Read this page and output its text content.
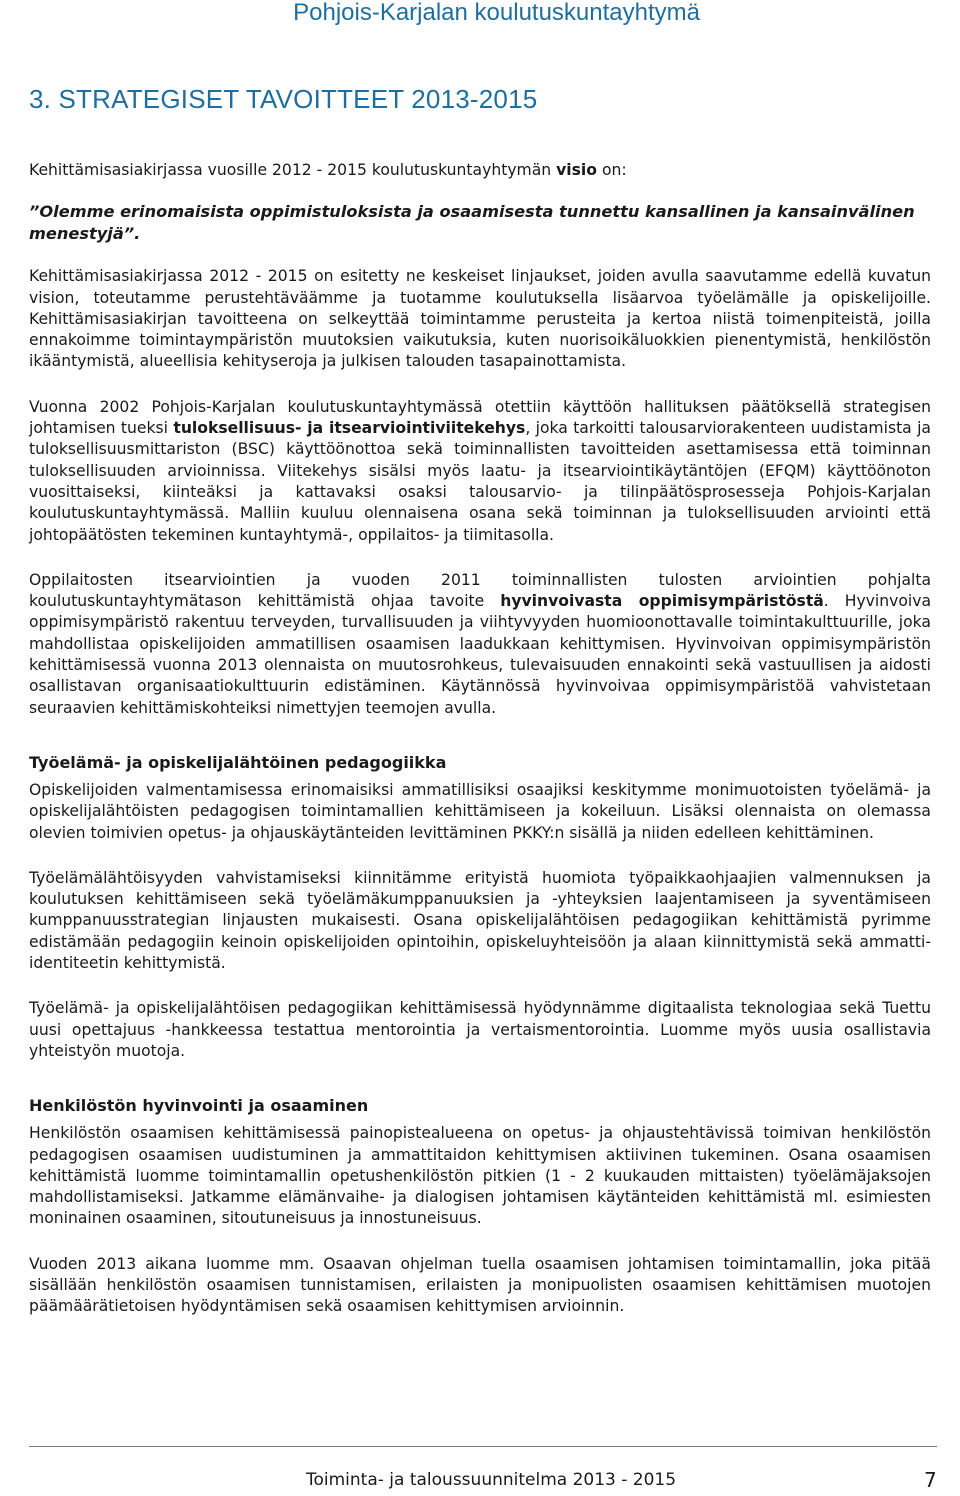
Pohjois-Karjalan koulutuskuntayhtymä

3. STRATEGISET TAVOITTEET 2013-2015

Kehittämisasiakirjassa vuosille 2012 - 2015 koulutuskuntayhtymän visio on:

”Olemme erinomaisista oppimistuloksista ja osaamisesta tunnettu kansallinen ja kansainvälinen menestyjä”.

Kehittämisasiakirjassa 2012 - 2015 on esitetty ne keskeiset linjaukset, joiden avulla saavutamme edellä kuvatun vision, toteutamme perustehtäväämme ja tuotamme koulutuksella lisäarvoa työelämälle ja opiskelijoille. Kehittämisasiakirjan tavoitteena on selkeyttää toimintamme perusteita ja kertoa niistä toimenpiteistä, joilla ennakoimme toimintaympäristön muutoksien vaikutuksia, kuten nuorisoikäluokkien pienentymistä, henkilöstön ikääntymistä, alueellisia kehityseroja ja julkisen talouden tasapainottamista.

Vuonna 2002 Pohjois-Karjalan koulutuskuntayhtymässä otettiin käyttöön hallituksen päätöksellä strategisen johtamisen tueksi tuloksellisuus- ja itsearviointiviitekehys, joka tarkoitti talousarviorakenteen uudistamista ja tuloksellisuusmittariston (BSC) käyttöönottoa sekä toiminnallisten tavoitteiden asettamisessa että toiminnan tuloksellisuuden arvioinnissa. Viitekehys sisälsi myös laatu- ja itsearviointikäytäntöjen (EFQM) käyttöönoton vuosittaiseksi, kiinteäksi ja kattavaksi osaksi talousarvio- ja tilinpäätösprosesseja Pohjois-Karjalan koulutuskuntayhtymässä. Malliin kuuluu olennaisena osana sekä toiminnan ja tuloksellisuuden arviointi että johtopäätösten tekeminen kuntayhtymä-, oppilaitos- ja tiimitasolla.

Oppilaitosten itsearviointien ja vuoden 2011 toiminnallisten tulosten arviointien pohjalta koulutuskuntayhtymätason kehittämistä ohjaa tavoite hyvinvoivasta oppimisympäristöstä. Hyvinvoiva oppimisympäristö rakentuu terveyden, turvallisuuden ja viihtyvyyden huomioonottavalle toimintakulttuurille, joka mahdollistaa opiskelijoiden ammatillisen osaamisen laadukkaan kehittymisen. Hyvinvoivan oppimisympäristön kehittämisessä vuonna 2013 olennaista on muutosrohkeus, tulevaisuuden ennakointi sekä vastuullisen ja aidosti osallistavan organisaatiokulttuurin edistäminen. Käytännössä hyvinvoivaa oppimisympäristöä vahvistetaan seuraavien kehittämiskohteiksi nimettyjen teemojen avulla.

Työelämä- ja opiskelijalähtöinen pedagogiikka

Opiskelijoiden valmentamisessa erinomaisiksi ammatillisiksi osaajiksi keskitymme monimuotoisten työelämä- ja opiskelijalähtöisten pedagogisen toimintamallien kehittämiseen ja kokeiluun. Lisäksi olennaista on olemassa olevien toimivien opetus- ja ohjauskäytänteiden levittäminen PKKY:n sisällä ja niiden edelleen kehittäminen.

Työelämälähtöisyyden vahvistamiseksi kiinnitämme erityistä huomiota työpaikkaohjaajien valmennuksen ja koulutuksen kehittämiseen sekä työelämäkumppanuuksien ja -yhteyksien laajentamiseen ja syventämiseen kumppanuusstrategian linjausten mukaisesti. Osana opiskelijalähtöisen pedagogiikan kehittämistä pyrimme edistämään pedagogiin keinoin opiskelijoiden opintoihin, opiskeluyhteisöön ja alaan kiinnittymistä sekä ammatti-identiteetin kehittymistä.

Työelämä- ja opiskelijalähtöisen pedagogiikan kehittämisessä hyödynnämme digitaalista teknologiaa sekä Tuettu uusi opettajuus -hankkeessa testattua mentorointia ja vertaismentorointia. Luomme myös uusia osallistavia yhteistyön muotoja.

Henkilöstön hyvinvointi ja osaaminen

Henkilöstön osaamisen kehittämisessä painopistealueena on opetus- ja ohjaustehtävissä toimivan henkilöstön pedagogisen osaamisen uudistuminen ja ammattitaidon kehittymisen aktiivinen tukeminen. Osana osaamisen kehittämistä luomme toimintamallin opetushenkilöstön pitkien (1 - 2 kuukauden mittaisten) työelämäjaksojen mahdollistamiseksi. Jatkamme elämänvaihe- ja dialogisen johtamisen käytänteiden kehittämistä ml. esimiesten moninainen osaaminen, sitoutuneisuus ja innostuneisuus.

Vuoden 2013 aikana luomme mm. Osaavan ohjelman tuella osaamisen johtamisen toimintamallin, joka pitää sisällään henkilöstön osaamisen tunnistamisen, erilaisten ja monipuolisten osaamisen kehittämisen muotojen päämäärätietoisen hyödyntämisen sekä osaamisen kehittymisen arvioinnin.

Toiminta- ja taloussuunnitelma 2013 - 2015	7
